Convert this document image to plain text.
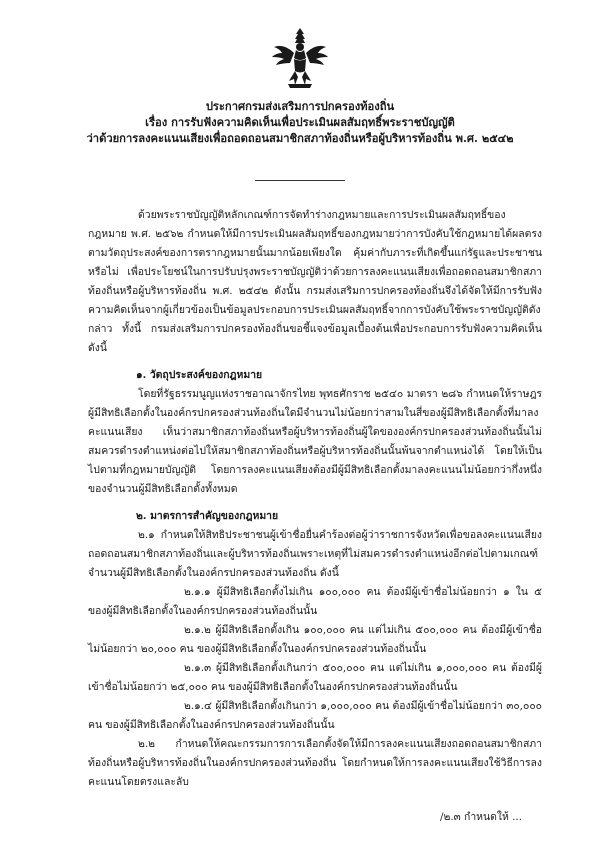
ประกาศกรมส่งเสริมการปกครองท้องถิ่น
เรื่อง การรับฟังความคิดเห็นเพื่อประเมินผลสัมฤทธิ์พระราชบัญญัติ
ว่าด้วยการลงคะแนนเสียงเพื่อถอดถอนสมาชิกสภาท้องถิ่นหรือผู้บริหารท้องถิ่น พ.ศ. ๒๕๔๒

ด้วยพระราชบัญญัติหลักเกณฑ์การจัดทำร่างกฎหมายและการประเมินผลสัมฤทธิ์ของกฎหมาย พ.ศ. ๒๕๖๒ กำหนดให้มีการประเมินผลสัมฤทธิ์ของกฎหมายว่าการบังคับใช้กฎหมายได้ผลตรงตามวัตถุประสงค์ของการตรากฎหมายนั้นมากน้อยเพียงใด คุ้มค่ากับภาระที่เกิดขึ้นแก่รัฐและประชาชนหรือไม่ เพื่อประโยชน์ในการปรับปรุงพระราชบัญญัติว่าด้วยการลงคะแนนเสียงเพื่อถอดถอนสมาชิกสภาท้องถิ่นหรือผู้บริหารท้องถิ่น พ.ศ. ๒๕๔๒ ดังนั้น กรมส่งเสริมการปกครองท้องถิ่นจึงได้จัดให้มีการรับฟังความคิดเห็นจากผู้เกี่ยวข้องเป็นข้อมูลประกอบการประเมินผลสัมฤทธิ์จากการบังคับใช้พระราชบัญญัติดังกล่าว ทั้งนี้ กรมส่งเสริมการปกครองท้องถิ่นขอชี้แจงข้อมูลเบื้องต้นเพื่อประกอบการรับฟังความคิดเห็น ดังนี้

๑. วัตถุประสงค์ของกฎหมาย

โดยที่รัฐธรรมนูญแห่งราชอาณาจักรไทย พุทธศักราช ๒๕๔๐ มาตรา ๒๘๖ กำหนดให้ราษฎรผู้มีสิทธิเลือกตั้งในองค์กรปกครองส่วนท้องถิ่นใดมีจำนวนไม่น้อยกว่าสามในสี่ของผู้มีสิทธิเลือกตั้งที่มาลงคะแนนเสียง เห็นว่าสมาชิกสภาท้องถิ่นหรือผู้บริหารท้องถิ่นผู้ใดขององค์กรปกครองส่วนท้องถิ่นนั้นไม่สมควรดำรงตำแหน่งต่อไปให้สมาชิกสภาท้องถิ่นหรือผู้บริหารท้องถิ่นนั้นพ้นจากตำแหน่งได้ โดยให้เป็นไปตามที่กฎหมายบัญญัติ โดยการลงคะแนนเสียงต้องมีผู้มีสิทธิเลือกตั้งมาลงคะแนนไม่น้อยกว่ากึ่งหนึ่งของจำนวนผู้มีสิทธิเลือกตั้งทั้งหมด

๒. มาตรการสำคัญของกฎหมาย

๒.๑ กำหนดให้สิทธิประชาชนผู้เข้าชื่อยื่นคำร้องต่อผู้ว่าราชการจังหวัดเพื่อขอลงคะแนนเสียงถอดถอนสมาชิกสภาท้องถิ่นและผู้บริหารท้องถิ่นเพราะเหตุที่ไม่สมควรดำรงตำแหน่งอีกต่อไปตามเกณฑ์จำนวนผู้มีสิทธิเลือกตั้งในองค์กรปกครองส่วนท้องถิ่น ดังนี้

๒.๑.๑ ผู้มีสิทธิเลือกตั้งไม่เกิน ๑๐๐,๐๐๐ คน ต้องมีผู้เข้าชื่อไม่น้อยกว่า ๑ ใน ๕ ของผู้มีสิทธิเลือกตั้งในองค์กรปกครองส่วนท้องถิ่นนั้น

๒.๑.๒ ผู้มีสิทธิเลือกตั้งเกิน ๑๐๐,๐๐๐ คน แต่ไม่เกิน ๕๐๐,๐๐๐ คน ต้องมีผู้เข้าชื่อไม่น้อยกว่า ๒๐,๐๐๐ คน ของผู้มีสิทธิเลือกตั้งในองค์กรปกครองส่วนท้องถิ่นนั้น

๒.๑.๓ ผู้มีสิทธิเลือกตั้งเกินกว่า ๕๐๐,๐๐๐ คน แต่ไม่เกิน ๑,๐๐๐,๐๐๐ คน ต้องมีผู้เข้าชื่อไม่น้อยกว่า ๒๕,๐๐๐ คน ของผู้มีสิทธิเลือกตั้งในองค์กรปกครองส่วนท้องถิ่นนั้น

๒.๑.๔ ผู้มีสิทธิเลือกตั้งเกินกว่า ๑,๐๐๐,๐๐๐ คน ต้องมีผู้เข้าชื่อไม่น้อยกว่า ๓๐,๐๐๐ คน ของผู้มีสิทธิเลือกตั้งในองค์กรปกครองส่วนท้องถิ่นนั้น

๒.๒ กำหนดให้คณะกรรมการการเลือกตั้งจัดให้มีการลงคะแนนเสียงถอดถอนสมาชิกสภาท้องถิ่นหรือผู้บริหารท้องถิ่นในองค์กรปกครองส่วนท้องถิ่น โดยกำหนดให้การลงคะแนนเสียงใช้วิธีการลงคะแนนโดยตรงและลับ

/๒.๓ กำหนดให้ ...
